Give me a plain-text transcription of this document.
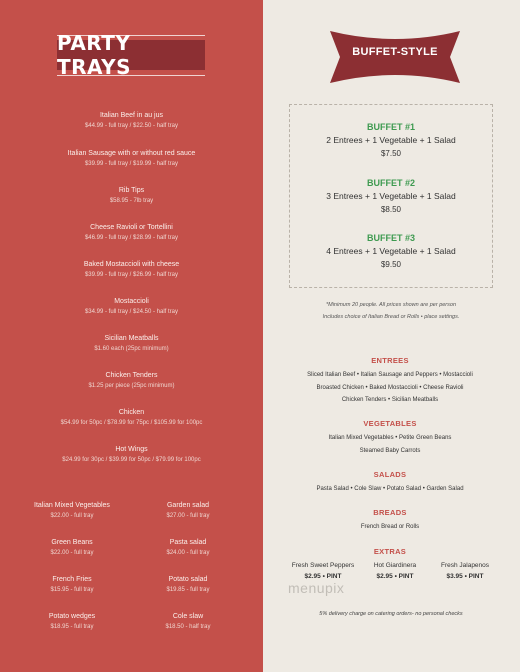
PARTY TRAYS
Italian Beef in au jus
$44.99 - full tray / $22.50 - half tray
Italian Sausage with or without red sauce
$39.99 - full tray / $19.99 - half tray
Rib Tips
$58.95 - 7lb tray
Cheese Ravioli or Tortellini
$46.99 - full tray / $28.99 - half tray
Baked Mostaccioli with cheese
$39.99 - full tray / $26.99 - half tray
Mostaccioli
$34.99 - full tray / $24.50 - half tray
Sicilian Meatballs
$1.60 each (25pc minimum)
Chicken Tenders
$1.25 per piece (25pc minimum)
Chicken
$54.99 for 50pc / $78.99 for 75pc / $105.99 for 100pc
Hot Wings
$24.99 for 30pc / $39.99 for 50pc / $79.99 for 100pc
Italian Mixed Vegetables
$22.00 - full tray
Green Beans
$22.00 - full tray
French Fries
$15.95 - full tray
Potato wedges
$18.95 - full tray
Garden salad
$27.00 - full tray
Pasta salad
$24.00 - full tray
Potato salad
$19.85 - full tray
Cole slaw
$18.50 - half tray
BUFFET-STYLE
BUFFET #1
2 Entrees + 1 Vegetable + 1 Salad
$7.50
BUFFET #2
3 Entrees + 1 Vegetable + 1 Salad
$8.50
BUFFET #3
4 Entrees + 1 Vegetable + 1 Salad
$9.50
*Minimum 20 people. All prices shown are per person
Includes choice of Italian Bread or Rolls • place settings.
ENTREES
Sliced Italian Beef • Italian Sausage and Peppers • Mostaccioli
Broasted Chicken • Baked Mostaccioli • Cheese Ravioli
Chicken Tenders • Sicilian Meatballs
VEGETABLES
Italian Mixed Vegetables • Petite Green Beans
Steamed Baby Carrots
SALADS
Pasta Salad • Cole Slaw • Potato Salad • Garden Salad
BREADS
French Bread or Rolls
EXTRAS
Fresh Sweet Peppers
$2.95 • PINT
Hot Giardinera
$2.95 • PINT
Fresh Jalapenos
$3.95 • PINT
menupix
5% delivery charge on catering orders- no personal checks
